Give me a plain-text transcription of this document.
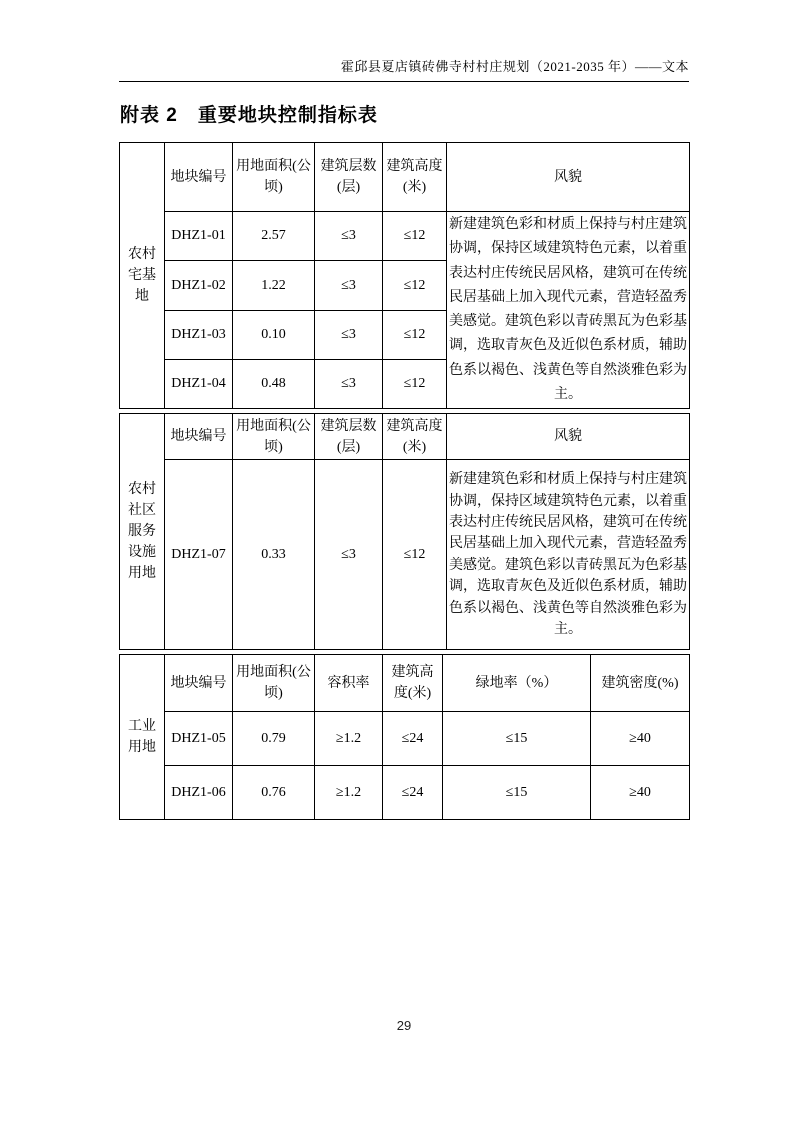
霍邱县夏店镇砖佛寺村村庄规划（2021-2035 年）——文本
附表 2　重要地块控制指标表
农村宅基地	地块编号	用地面积(公顷)	建筑层数(层)	建筑高度(米)	风貌
	DHZ1-01	2.57	≤3	≤12	新建建筑色彩和材质上保持与村庄建筑协调，保持区域建筑特色元素，以着重表达村庄传统民居风格，建筑可在传统民居基础上加入现代元素，营造轻盈秀美感觉。建筑色彩以青砖黑瓦为色彩基调，选取青灰色及近似色系材质，辅助色系以褐色、浅黄色等自然淡雅色彩为主。
	DHZ1-02	1.22	≤3	≤12	
	DHZ1-03	0.10	≤3	≤12	
	DHZ1-04	0.48	≤3	≤12	
农村社区服务设施用地	地块编号	用地面积(公顷)	建筑层数(层)	建筑高度(米)	风貌
	DHZ1-07	0.33	≤3	≤12	新建建筑色彩和材质上保持与村庄建筑协调，保持区域建筑特色元素，以着重表达村庄传统民居风格，建筑可在传统民居基础上加入现代元素，营造轻盈秀美感觉。建筑色彩以青砖黑瓦为色彩基调，选取青灰色及近似色系材质，辅助色系以褐色、浅黄色等自然淡雅色彩为主。
工业用地	地块编号	用地面积(公顷)	容积率	建筑高度(米)	绿地率（%）	建筑密度(%)
	DHZ1-05	0.79	≥1.2	≤24	≤15	≥40
	DHZ1-06	0.76	≥1.2	≤24	≤15	≥40
29
